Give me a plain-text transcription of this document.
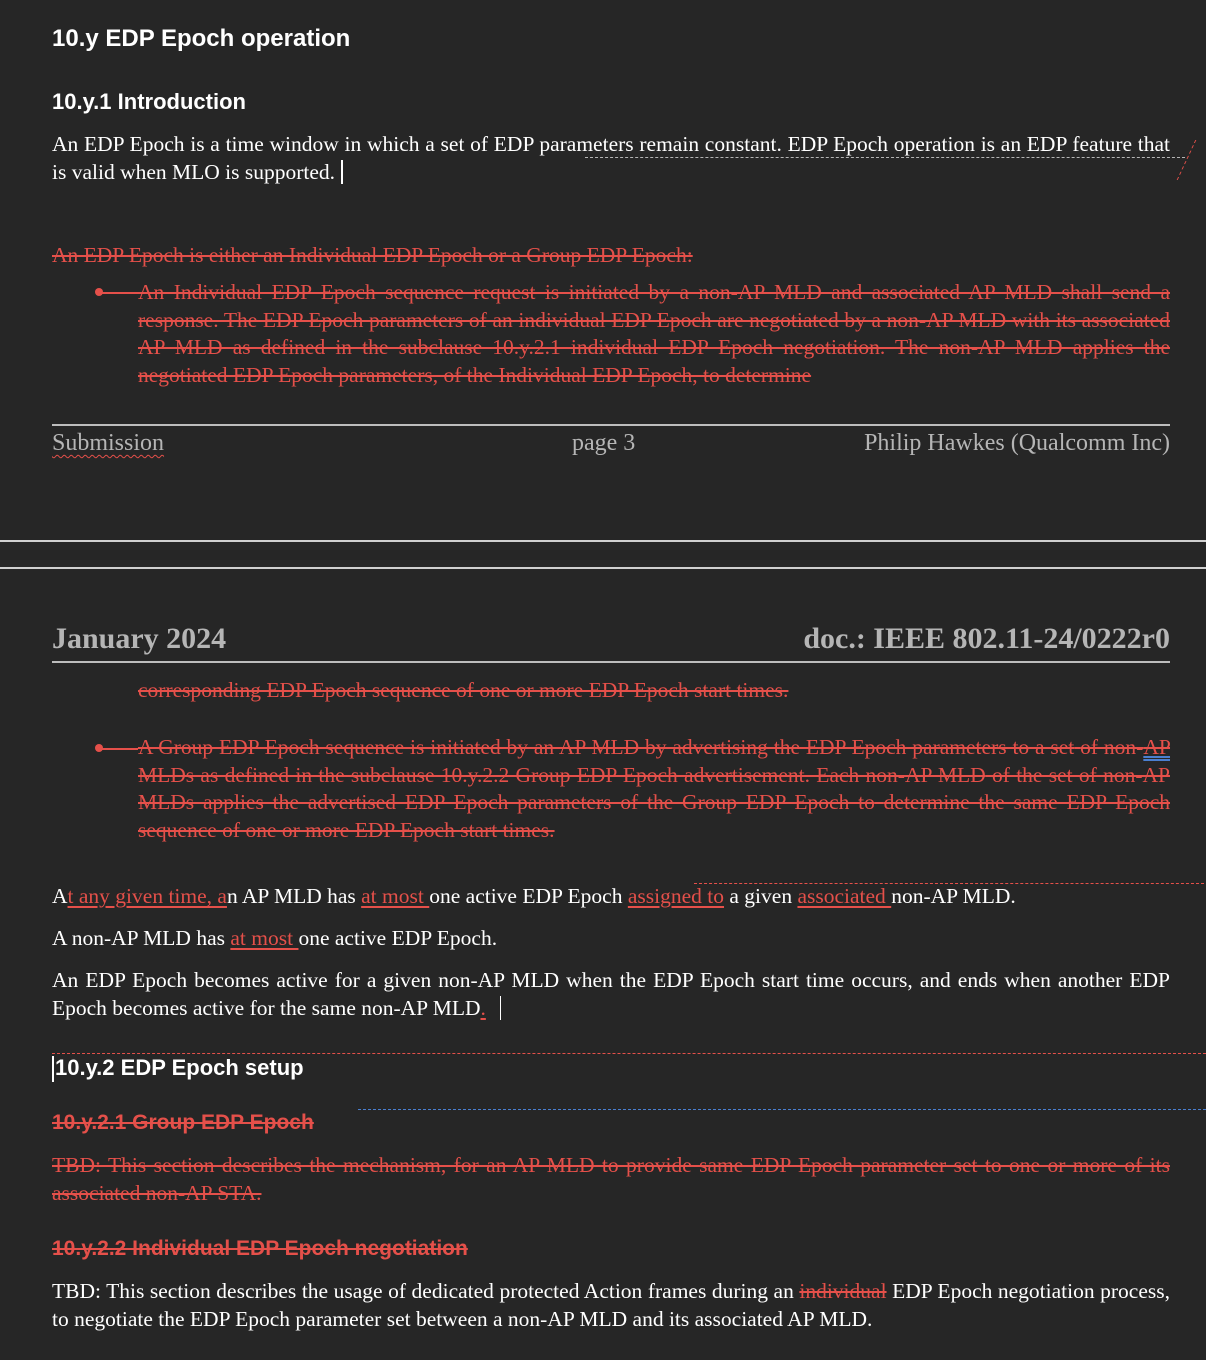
10.y EDP Epoch operation
10.y.1 Introduction
An EDP Epoch is a time window in which a set of EDP parameters remain constant. EDP Epoch operation is an EDP feature that is valid when MLO is supported.
An EDP Epoch is either an Individual EDP Epoch or a Group EDP Epoch:
An Individual EDP Epoch sequence request is initiated by a non-AP MLD and associated AP MLD shall send a response. The EDP Epoch parameters of an individual EDP Epoch are negotiated by a non-AP MLD with its associated AP MLD as defined in the subclause 10.y.2.1 individual EDP Epoch negotiation. The non-AP MLD applies the negotiated EDP Epoch parameters, of the Individual EDP Epoch, to determine
Submission	page 3	Philip Hawkes (Qualcomm Inc)
January 2024	doc.: IEEE 802.11-24/0222r0
corresponding EDP Epoch sequence of one or more EDP Epoch start times.
A Group EDP Epoch sequence is initiated by an AP MLD by advertising the EDP Epoch parameters to a set of non-AP MLDs as defined in the subclause 10.y.2.2 Group EDP Epoch advertisement. Each non-AP MLD of the set of non-AP MLDs applies the advertised EDP Epoch parameters of the Group EDP Epoch to determine the same EDP Epoch sequence of one or more EDP Epoch start times.
At any given time, an AP MLD has at most one active EDP Epoch assigned to a given associated non-AP MLD.
A non-AP MLD has at most one active EDP Epoch.
An EDP Epoch becomes active for a given non-AP MLD when the EDP Epoch start time occurs, and ends when another EDP Epoch becomes active for the same non-AP MLD.
10.y.2 EDP Epoch setup
10.y.2.1 Group EDP Epoch
TBD: This section describes the mechanism, for an AP MLD to provide same EDP Epoch parameter set to one or more of its associated non-AP STA.
10.y.2.2 Individual EDP Epoch negotiation
TBD: This section describes the usage of dedicated protected Action frames during an individual EDP Epoch negotiation process, to negotiate the EDP Epoch parameter set between a non-AP MLD and its associated AP MLD.
